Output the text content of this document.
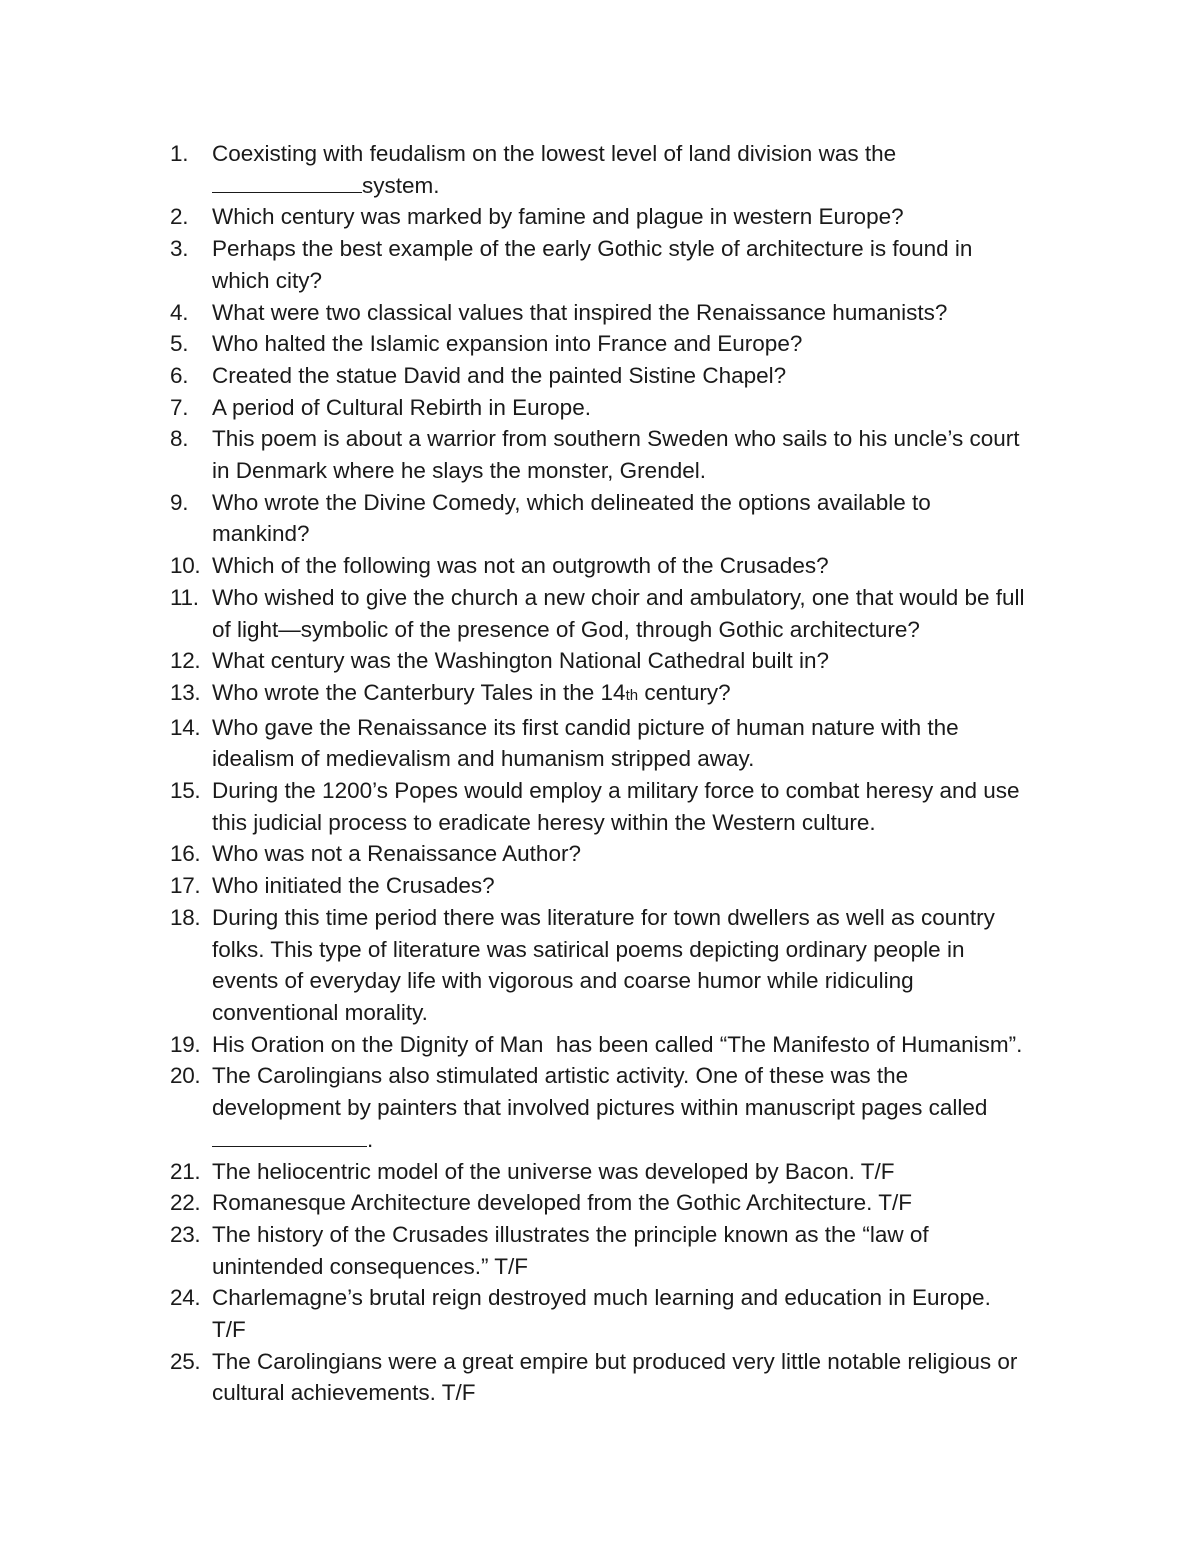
1.	Coexisting with feudalism on the lowest level of land division was the
system.
2.	Which century was marked by famine and plague in western Europe?
3.	Perhaps the best example of the early Gothic style of architecture is found in
which city?
4.	What were two classical values that inspired the Renaissance humanists?
5.	Who halted the Islamic expansion into France and Europe?
6.	Created the statue David and the painted Sistine Chapel?
7.	A period of Cultural Rebirth in Europe.
8.	This poem is about a warrior from southern Sweden who sails to his uncle’s court
in Denmark where he slays the monster, Grendel.
9.	Who wrote the Divine Comedy, which delineated the options available to
mankind?
10. Which of the following was not an outgrowth of the Crusades?
11. Who wished to give the church a new choir and ambulatory, one that would be full
of light—symbolic of the presence of God, through Gothic architecture?
12. What century was the Washington National Cathedral built in?
13. Who wrote the Canterbury Tales in the 14th century?
14. Who gave the Renaissance its first candid picture of human nature with the
idealism of medievalism and humanism stripped away.
15. During the 1200’s Popes would employ a military force to combat heresy and use
this judicial process to eradicate heresy within the Western culture.
16. Who was not a Renaissance Author?
17. Who initiated the Crusades?
18. During this time period there was literature for town dwellers as well as country
folks. This type of literature was satirical poems depicting ordinary people in
events of everyday life with vigorous and coarse humor while ridiculing
conventional morality.
19. His Oration on the Dignity of Man  has been called “The Manifesto of Humanism”.
20. The Carolingians also stimulated artistic activity. One of these was the
development by painters that involved pictures within manuscript pages called
.
21. The heliocentric model of the universe was developed by Bacon. T/F
22. Romanesque Architecture developed from the Gothic Architecture. T/F
23. The history of the Crusades illustrates the principle known as the “law of
unintended consequences.” T/F
24. Charlemagne’s brutal reign destroyed much learning and education in Europe.
T/F
25. The Carolingians were a great empire but produced very little notable religious or
cultural achievements. T/F
